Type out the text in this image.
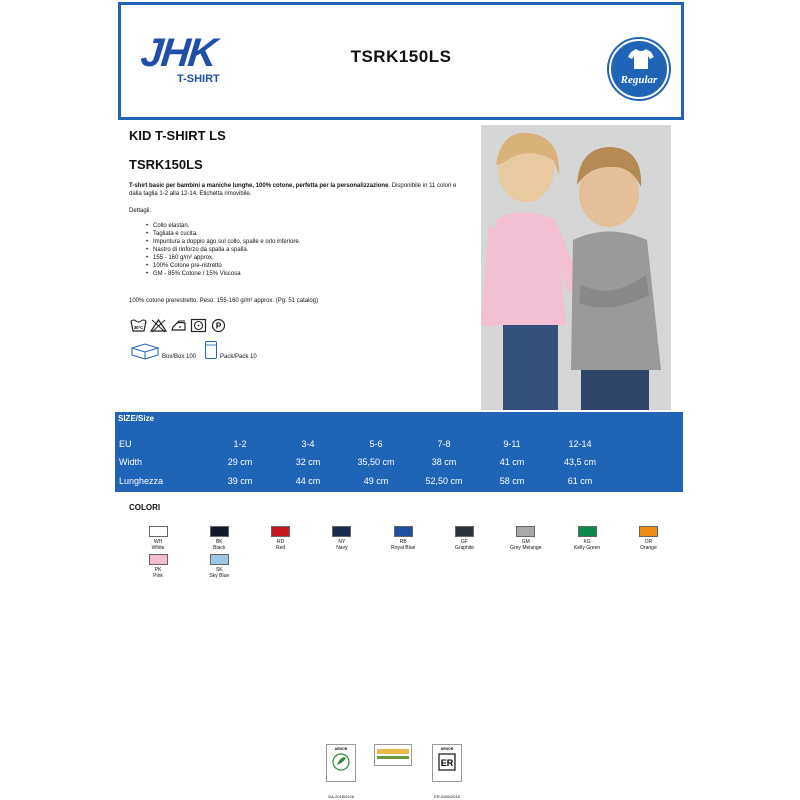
JHK
T-SHIRT
TSRK150LS
Regular
KID T-SHIRT LS
TSRK150LS
T-shirt basic per bambini a maniche lunghe, 100% cotone, perfetta per la personalizzazione. Disponibile in 11 colori e dalla taglia 1-2 alla 12-14. Etichetta rimovibile.
Dettagli:
• Collo elastan.
• Tagliata e cucita.
• Impuntura a doppio ago sul collo, spalle e orlo inferiore.
• Nastro di rinforzo da spalla a spalla.
• 155 - 160 g/m² approx.
• 100% Cotone pre-ristretto
• GM - 85% Cotone / 15% Viscosa
100% cotone prerestretto. Peso: 155-160 g/m² approx. (Pg. 51 catalog)
30°C	P
Box/Box 100	Pack/Pack 10
SIZE/Size
EU	1-2	3-4	5-6	7-8	9-11	12-14
Width	29 cm	32 cm	35,50 cm	38 cm	41 cm	43,5 cm
Lunghezza	39 cm	44 cm	49 cm	52,50 cm	58 cm	61 cm
COLORI
WH
White
BK
Black
RD
Red
NY
Navy
RB
Royal Blue
GF
Graphite
GM
Grey Melange
KG
Kelly Green
OR
Orange
PK
Pink
SK
Sky Blue
AENOR	AENOR
ER
GA-2018/0126	ER-0260/2018
